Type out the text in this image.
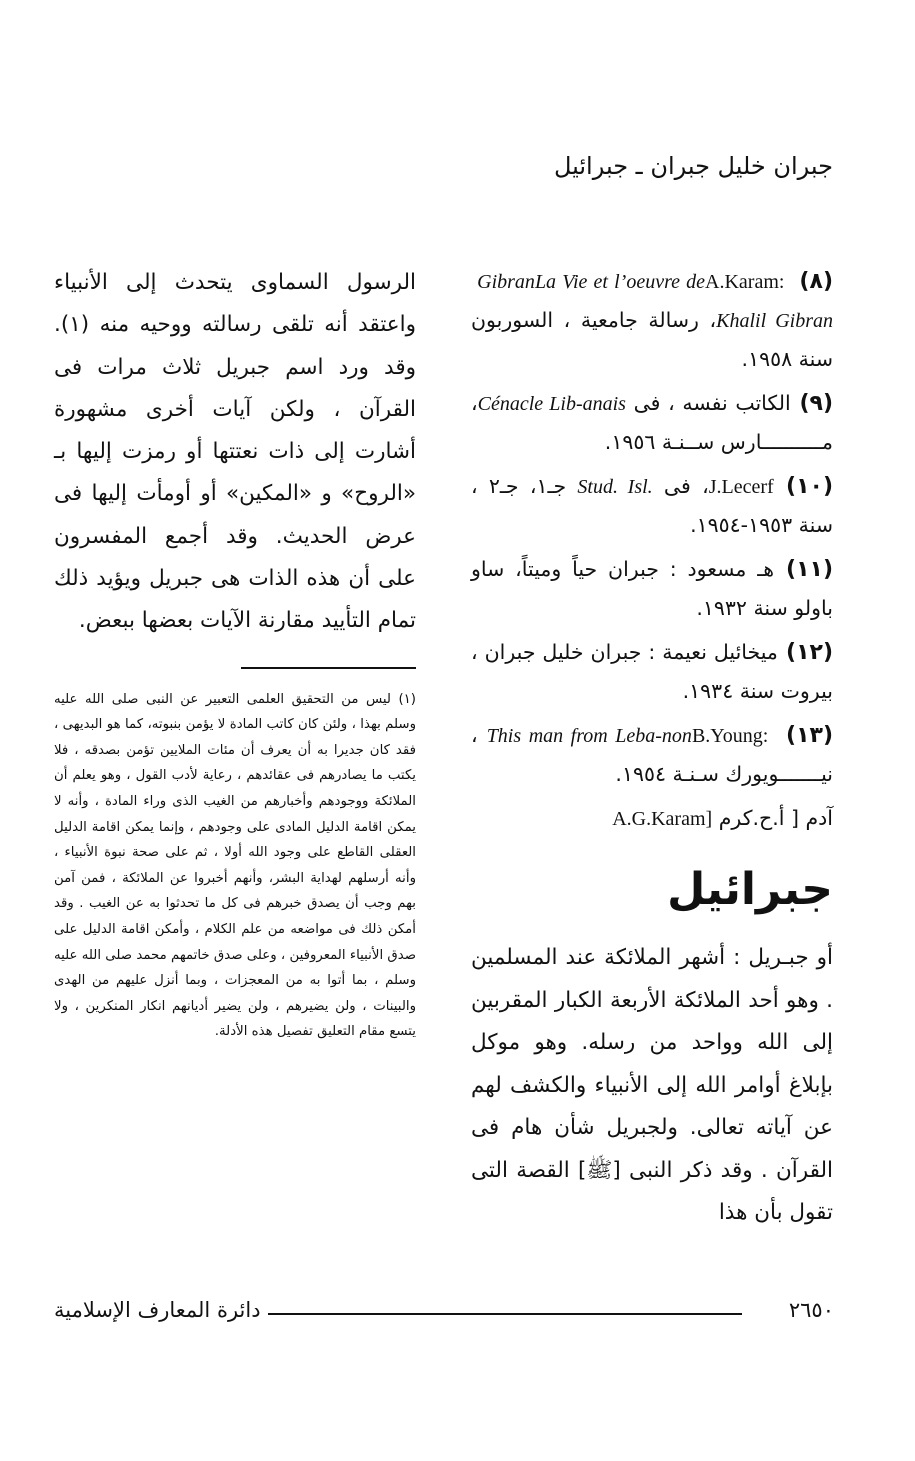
جبران خليل جبران ـ جبرائيل

(٨) A.Karam: La Vie et l’oeuvre de Gibran Khalil Gibran، رسالة جامعية ، السوربون سنة ١٩٥٨.

(٩) الكاتب نفسه ، فى Cénacle Lib-anais، مــــــــــارس ســنـة ١٩٥٦.

(١٠) J.Lecerf، فى Stud. Isl. جـ١، جـ٢ ، سنة ١٩٥٣-١٩٥٤.

(١١) هـ مسعود : جبران حياً وميتاً، ساو باولو سنة ١٩٣٢.

(١٢) ميخائيل نعيمة : جبران خليل جبران ، بيروت سنة ١٩٣٤.

(١٣) B.Young: This man from Leba-non ، نيـــــــويورك سـنـة ١٩٥٤.

آدم [ أ.ح.كرم A.G.Karam]

جبرائيل

أو جبـريل : أشهر الملائكة عند المسلمين . وهو أحد الملائكة الأربعة الكبار المقربين إلى الله وواحد من رسله. وهو موكل بإبلاغ أوامر الله إلى الأنبياء والكشف لهم عن آياته تعالى. ولجبريل شأن هام فى القرآن . وقد ذكر النبى [ﷺ] القصة التى تقول بأن هذا

الرسول السماوى يتحدث إلى الأنبياء واعتقد أنه تلقى رسالته ووحيه منه (١). وقد ورد اسم جبريل ثلاث مرات فى القرآن ، ولكن آيات أخرى مشهورة أشارت إلى ذات نعتتها أو رمزت إليها بـ «الروح» و «المكين» أو أومأت إليها فى عرض الحديث. وقد أجمع المفسرون على أن هذه الذات هى جبريل ويؤيد ذلك تمام التأييد مقارنة الآيات بعضها ببعض.

(١) ليس من التحقيق العلمى التعبير عن النبى صلى الله عليه وسلم بهذا ، ولئن كان كاتب المادة لا يؤمن بنبوته، كما هو البديهى ، فقد كان جديرا به أن يعرف أن مئات الملايين تؤمن بصدقه ، فلا يكتب ما يصادرهم فى عقائدهم ، رعاية لأدب القول ، وهو يعلم أن الملائكة ووجودهم وأخبارهم من الغيب الذى وراء المادة ، وأنه لا يمكن اقامة الدليل المادى على وجودهم ، وإنما يمكن اقامة الدليل العقلى القاطع على وجود الله أولا ، ثم على صحة نبوة الأنبياء ، وأنه أرسلهم لهداية البشر، وأنهم أخبروا عن الملائكة ، فمن آمن بهم وجب أن يصدق خبرهم فى كل ما تحدثوا به عن الغيب . وقد أمكن ذلك فى مواضعه من علم الكلام ، وأمكن اقامة الدليل على صدق الأنبياء المعروفين ، وعلى صدق خاتمهم محمد صلى الله عليه وسلم ، بما أتوا به من المعجزات ، وبما أنزل عليهم من الهدى والبينات ، ولن يضيرهم ، ولن يضير أديانهم انكار المنكرين ، ولا يتسع مقام التعليق تفصيل هذه الأدلة.

٢٦٥٠
دائرة المعارف الإسلامية
